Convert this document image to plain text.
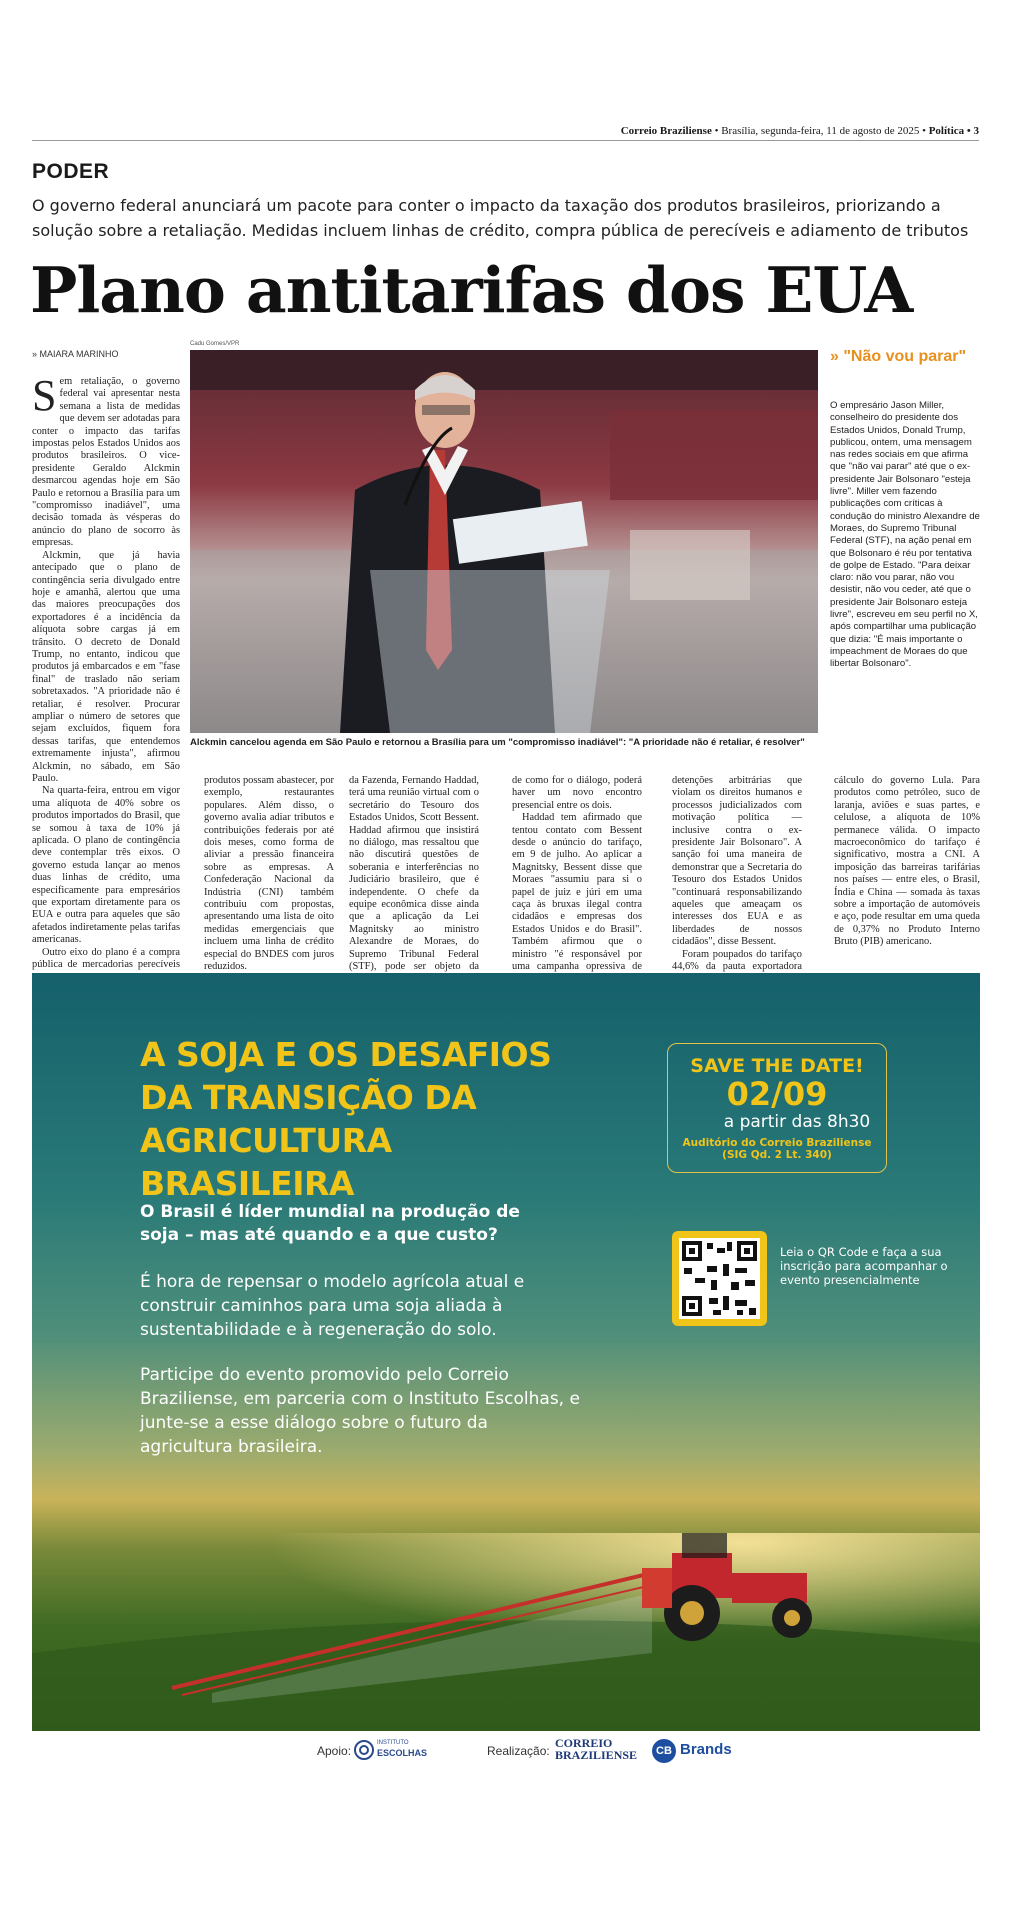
Correio Braziliense • Brasília, segunda-feira, 11 de agosto de 2025 • Política • 3
PODER
O governo federal anunciará um pacote para conter o impacto da taxação dos produtos brasileiros, priorizando a solução sobre a retaliação. Medidas incluem linhas de crédito, compra pública de perecíveis e adiamento de tributos
Plano antitarifas dos EUA
» MAIARA MARINHO
Cadu Gomes/VPR
Alckmin cancelou agenda em São Paulo e retornou a Brasília para um "compromisso inadiável": "A prioridade não é retaliar, é resolver"

S em retaliação, o governo federal vai apresentar nesta semana a lista de medidas que devem ser adotadas para conter o impacto das tarifas impostas pelos Estados Unidos aos produtos brasileiros. O vice-presidente Geraldo Alckmin desmarcou agendas hoje em São Paulo e retornou a Brasília para um "compromisso inadiável", uma decisão tomada às vésperas do anúncio do plano de socorro às empresas.

Alckmin, que já havia antecipado que o plano de contingência seria divulgado entre hoje e amanhã, alertou que uma das maiores preocupações dos exportadores é a incidência da alíquota sobre cargas já em trânsito. O decreto de Donald Trump, no entanto, indicou que produtos já embarcados e em "fase final" de traslado não seriam sobretaxados. "A prioridade não é retaliar, é resolver. Procurar ampliar o número de setores que sejam excluídos, fiquem fora dessas tarifas, que entendemos extremamente injusta", afirmou Alckmin, no sábado, em São Paulo.

Na quarta-feira, entrou em vigor uma alíquota de 40% sobre os produtos importados do Brasil, que se somou à taxa de 10% já aplicada. O plano de contingência deve contemplar três eixos. O governo estuda lançar ao menos duas linhas de crédito, uma especificamente para empresários que exportam diretamente para os EUA e outra para aqueles que são afetados indiretamente pelas tarifas americanas.

Outro eixo do plano é a compra pública de mercadorias perecíveis

produtos possam abastecer, por exemplo, restaurantes populares. Além disso, o governo avalia adiar tributos e contribuições federais por até dois meses, como forma de aliviar a pressão financeira sobre as empresas. A Confederação Nacional da Indústria (CNI) também contribuiu com propostas, apresentando uma lista de oito medidas emergenciais que incluem uma linha de crédito especial do BNDES com juros reduzidos.

da Fazenda, Fernando Haddad, terá uma reunião virtual com o secretário do Tesouro dos Estados Unidos, Scott Bessent. Haddad afirmou que insistirá no diálogo, mas ressaltou que não discutirá questões de soberania e interferências no Judiciário brasileiro, que é independente. O chefe da equipe econômica disse ainda que a aplicação da Lei Magnitsky ao ministro Alexandre de Moraes, do Supremo Tribunal Federal (STF), pode ser objeto da

de como for o diálogo, poderá haver um novo encontro presencial entre os dois.

Haddad tem afirmado que tentou contato com Bessent desde o anúncio do tarifaço, em 9 de julho. Ao aplicar a Magnitsky, Bessent disse que Moraes "assumiu para si o papel de juiz e júri em uma caça às bruxas ilegal contra cidadãos e empresas dos Estados Unidos e do Brasil". Também afirmou que o ministro "é responsável por uma campanha opressiva de

detenções arbitrárias que violam os direitos humanos e processos judicializados com motivação política — inclusive contra o ex-presidente Jair Bolsonaro". A sanção foi uma maneira de demonstrar que a Secretaria do Tesouro dos Estados Unidos "continuará responsabilizando aqueles que ameaçam os interesses dos EUA e as liberdades de nossos cidadãos", disse Bessent.

Foram poupados do tarifaço 44,6% da pauta exportadora

cálculo do governo Lula. Para produtos como petróleo, suco de laranja, aviões e suas partes, e celulose, a alíquota de 10% permanece válida. O impacto macroeconômico do tarifaço é significativo, mostra a CNI. A imposição das barreiras tarifárias nos países — entre eles, o Brasil, Índia e China — somada às taxas sobre a importação de automóveis e aço, pode resultar em uma queda de 0,37% no Produto Interno Bruto (PIB) americano.

» "Não vou parar"
O empresário Jason Miller, conselheiro do presidente dos Estados Unidos, Donald Trump, publicou, ontem, uma mensagem nas redes sociais em que afirma que "não vai parar" até que o ex-presidente Jair Bolsonaro "esteja livre". Miller vem fazendo publicações com críticas à condução do ministro Alexandre de Moraes, do Supremo Tribunal Federal (STF), na ação penal em que Bolsonaro é réu por tentativa de golpe de Estado. "Para deixar claro: não vou parar, não vou desistir, não vou ceder, até que o presidente Jair Bolsonaro esteja livre", escreveu em seu perfil no X, após compartilhar uma publicação que dizia: "É mais importante o impeachment de Moraes do que libertar Bolsonaro".
A SOJA E OS DESAFIOS
DA TRANSIÇÃO DA
AGRICULTURA BRASILEIRA
SAVE THE DATE!
02/09
a partir das 8h30
Auditório do Correio Braziliense
(SIG Qd. 2 Lt. 340)
O Brasil é líder mundial na produção de soja – mas até quando e a que custo?
É hora de repensar o modelo agrícola atual e construir caminhos para uma soja aliada à sustentabilidade e à regeneração do solo.
Participe do evento promovido pelo Correio Braziliense, em parceria com o Instituto Escolhas, e junte-se a esse diálogo sobre o futuro da agricultura brasileira.
Leia o QR Code e faça a sua inscrição para acompanhar o evento presencialmente
Apoio:
INSTITUTO
ESCOLHAS	Realização:
CORREIO
BRAZILIENSE	CB Brands
